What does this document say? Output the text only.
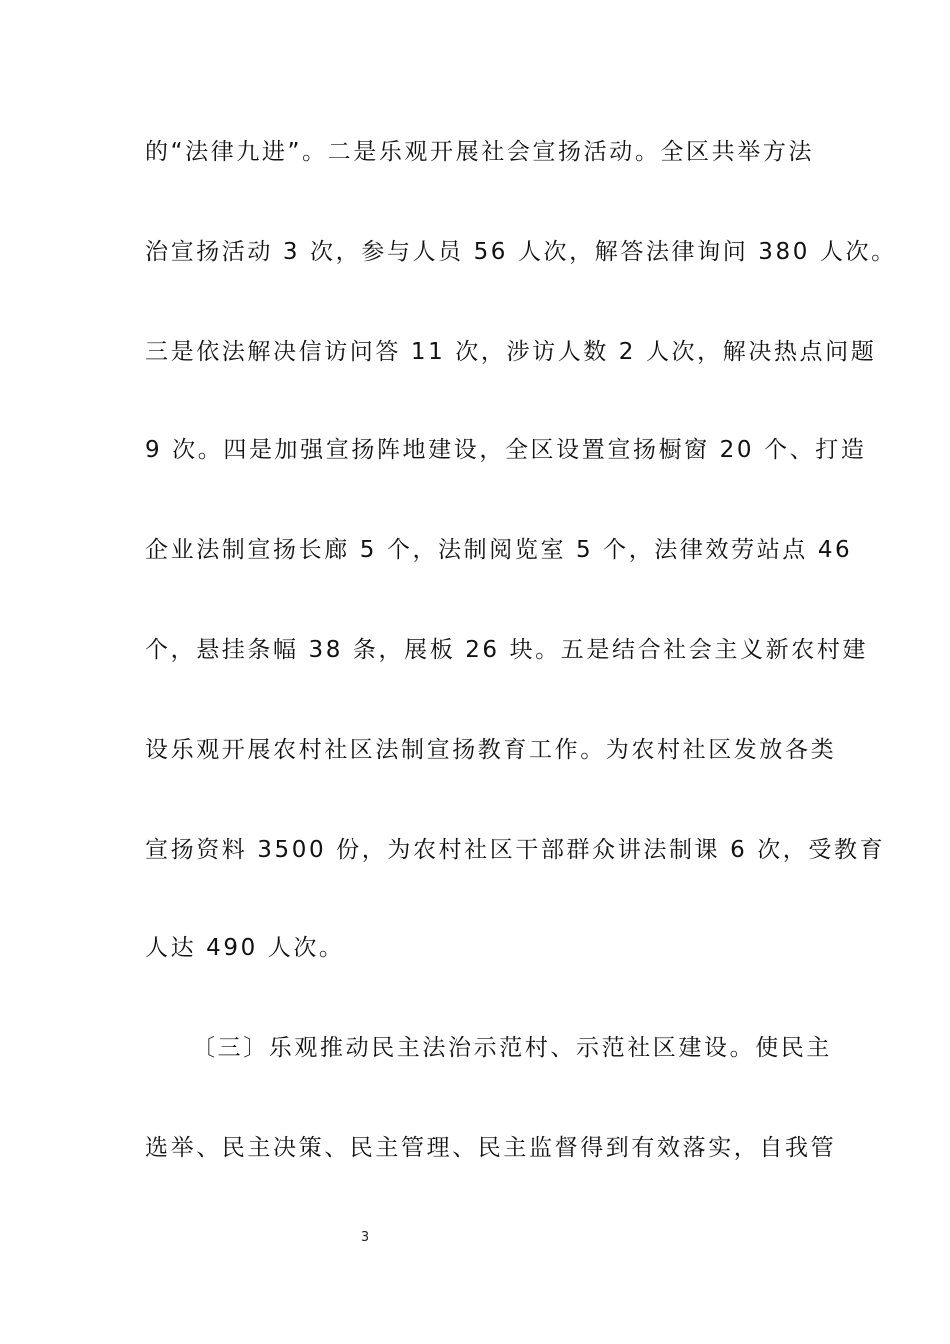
的“法律九进”。二是乐观开展社会宣扬活动。全区共举方法
治宣扬活动 3 次，参与人员 56 人次，解答法律询问 380 人次。
三是依法解决信访问答 11 次，涉访人数 2 人次，解决热点问题
9 次。四是加强宣扬阵地建设，全区设置宣扬橱窗 20 个、打造
企业法制宣扬长廊 5 个，法制阅览室 5 个，法律效劳站点 46
个，悬挂条幅 38 条，展板 26 块。五是结合社会主义新农村建
设乐观开展农村社区法制宣扬教育工作。为农村社区发放各类
宣扬资料 3500 份，为农村社区干部群众讲法制课 6 次，受教育
人达 490 人次。
〔三〕乐观推动民主法治示范村、示范社区建设。使民主
选举、民主决策、民主管理、民主监督得到有效落实，自我管
3
